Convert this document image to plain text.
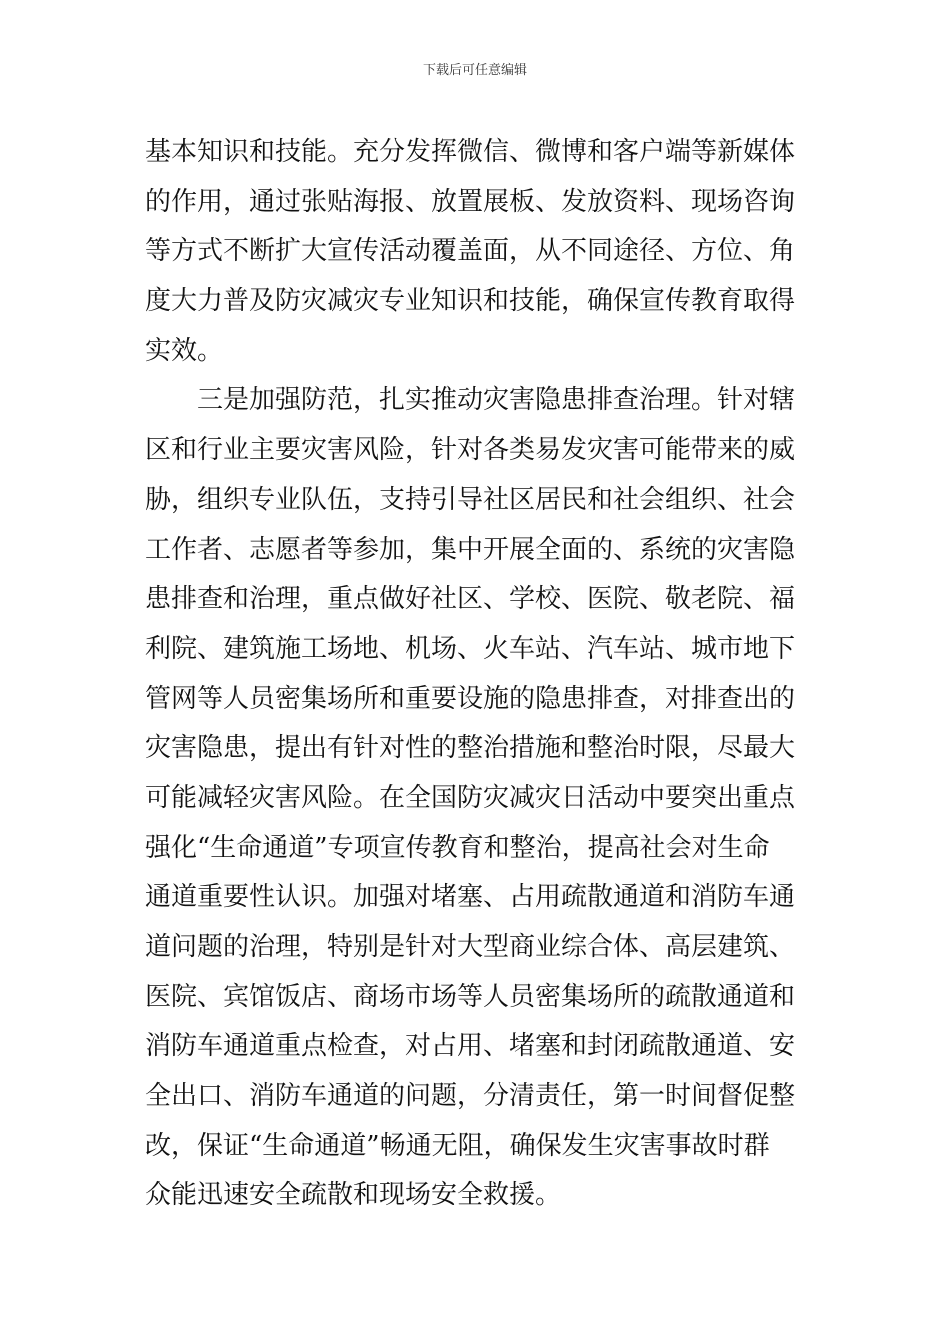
下载后可任意编辑
基本知识和技能。充分发挥微信、微博和客户端等新媒体
的作用，通过张贴海报、放置展板、发放资料、现场咨询
等方式不断扩大宣传活动覆盖面，从不同途径、方位、角
度大力普及防灾减灾专业知识和技能，确保宣传教育取得
实效。
　　三是加强防范，扎实推动灾害隐患排查治理。针对辖
区和行业主要灾害风险，针对各类易发灾害可能带来的威
胁，组织专业队伍，支持引导社区居民和社会组织、社会
工作者、志愿者等参加，集中开展全面的、系统的灾害隐
患排查和治理，重点做好社区、学校、医院、敬老院、福
利院、建筑施工场地、机场、火车站、汽车站、城市地下
管网等人员密集场所和重要设施的隐患排查，对排查出的
灾害隐患，提出有针对性的整治措施和整治时限，尽最大
可能减轻灾害风险。在全国防灾减灾日活动中要突出重点
强化“生命通道”专项宣传教育和整治，提高社会对生命
通道重要性认识。加强对堵塞、占用疏散通道和消防车通
道问题的治理，特别是针对大型商业综合体、高层建筑、
医院、宾馆饭店、商场市场等人员密集场所的疏散通道和
消防车通道重点检查，对占用、堵塞和封闭疏散通道、安
全出口、消防车通道的问题，分清责任，第一时间督促整
改，保证“生命通道”畅通无阻，确保发生灾害事故时群
众能迅速安全疏散和现场安全救援。
